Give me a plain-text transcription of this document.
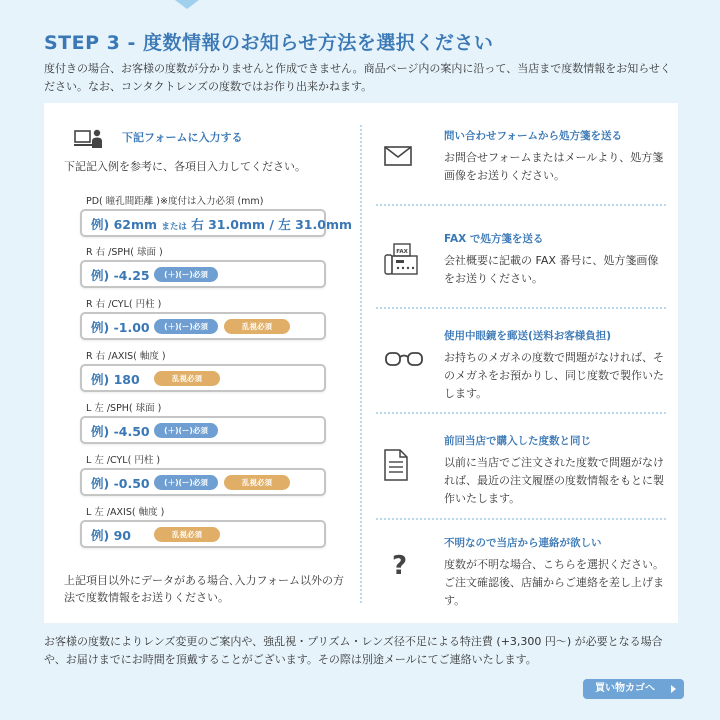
STEP 3 - 度数情報のお知らせ方法を選択ください

度付きの場合、お客様の度数が分かりませんと作成できません。商品ページ内の案内に沿って、当店まで度数情報をお知らせください。なお、コンタクトレンズの度数ではお作り出来かねます。

下記フォームに入力する
下記記入例を参考に、各項目入力してください。
PD( 瞳孔間距離 )※度付は入力必須 (mm)
例) 62mm または 右 31.0mm / 左 31.0mm
R 右 /SPH( 球面 )
例) -4.25	(＋)(ー)必須
R 右 /CYL( 円柱 )
例) -1.00	(＋)(ー)必須	乱視必須
R 右 /AXIS( 軸度 )
例) 180	乱視必須
L 左 /SPH( 球面 )
例) -4.50	(＋)(ー)必須
L 左 /CYL( 円柱 )
例) -0.50	(＋)(ー)必須	乱視必須
L 左 /AXIS( 軸度 )
例) 90	乱視必須
上記項目以外にデータがある場合､入力フォーム以外の方法で度数情報をお送りください。
問い合わせフォームから処方箋を送る
お問合せフォームまたはメールより、処方箋画像をお送りください。
FAX
FAX で処方箋を送る
会社概要に記載の FAX 番号に、処方箋画像をお送りください。
使用中眼鏡を郵送(送料お客様負担)
お持ちのメガネの度数で問題がなければ、そのメガネをお預かりし、同じ度数で製作いたします。
前回当店で購入した度数と同じ
以前に当店でご注文された度数で問題がなければ、最近の注文履歴の度数情報をもとに製作いたします。
?
不明なので当店から連絡が欲しい
度数が不明な場合、こちらを選択ください。ご注文確認後、店舗からご連絡を差し上げます。

お客様の度数によりレンズ変更のご案内や、強乱視・プリズム・レンズ径不足による特注費 (+3,300 円～) が必要となる場合や、お届けまでにお時間を頂戴することがございます。その際は別途メールにてご連絡いたします。

買い物カゴへ
